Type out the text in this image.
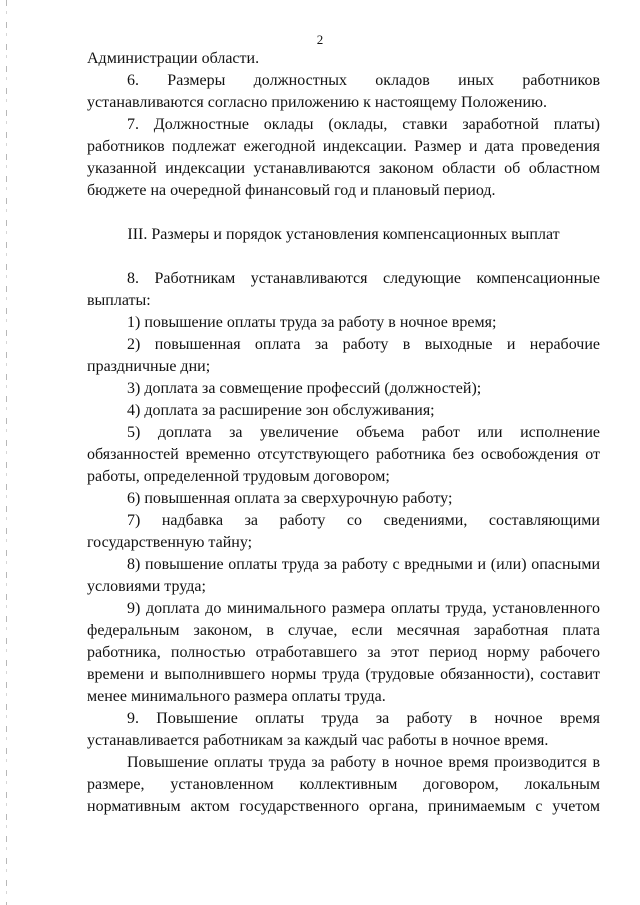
2

Администрации области.

6.    Размеры    должностных    окладов    иных    работников

устанавливаются согласно приложению к настоящему Положению.

7. Должностные оклады (оклады, ставки заработной платы)

работников подлежат ежегодной индексации. Размер и дата проведения

указанной индексации устанавливаются законом области об областном

бюджете на очередной финансовый год и плановый период.

III. Размеры и порядок установления компенсационных выплат

8. Работникам устанавливаются следующие компенсационные

выплаты:

1) повышение оплаты труда за работу в ночное время;

2) повышенная оплата за работу в выходные и нерабочие

праздничные дни;

3) доплата за совмещение профессий (должностей);

4) доплата за расширение зон обслуживания;

5) доплата за увеличение объема работ или исполнение

обязанностей временно отсутствующего работника без освобождения от

работы, определенной трудовым договором;

6) повышенная оплата за сверхурочную работу;

7) надбавка за работу со сведениями, составляющими

государственную тайну;

8) повышение оплаты труда за работу с вредными и (или) опасными

условиями труда;

9) доплата до минимального размера оплаты труда, установленного

федеральным законом, в случае, если месячная заработная плата

работника, полностью отработавшего за этот период норму рабочего

времени и выполнившего нормы труда (трудовые обязанности), составит

менее минимального размера оплаты труда.

9. Повышение оплаты труда за работу в ночное время

устанавливается работникам за каждый час работы в ночное время.

Повышение оплаты труда за работу в ночное время производится в

размере, установленном коллективным договором, локальным

нормативным актом государственного органа, принимаемым с учетом
